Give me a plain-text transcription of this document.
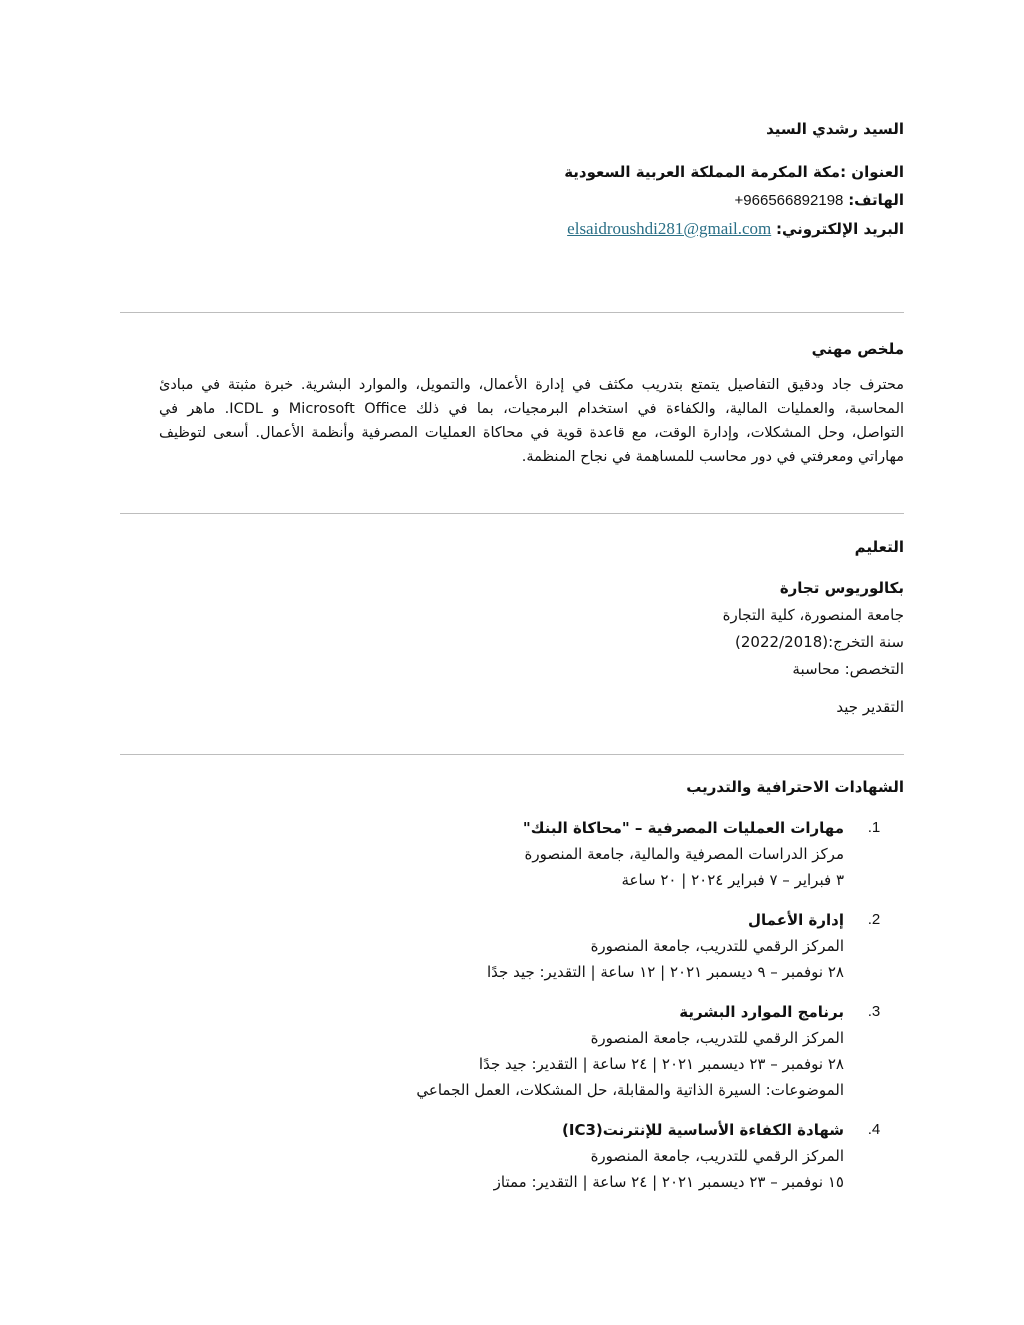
السيد رشدي السيد
العنوان :مكة المكرمة المملكة العربية السعودية
الهاتف: +966566892198
البريد الإلكتروني: elsaidroushdi281@gmail.com
ملخص مهني
محترف جاد ودقيق التفاصيل يتمتع بتدريب مكثف في إدارة الأعمال، والتمويل، والموارد البشرية. خبرة مثبتة في مبادئ
المحاسبة، والعمليات المالية، والكفاءة في استخدام البرمجيات، بما في ذلك Microsoft Office و ICDL. ماهر في
التواصل، وحل المشكلات، وإدارة الوقت، مع قاعدة قوية في محاكاة العمليات المصرفية وأنظمة الأعمال. أسعى لتوظيف
مهاراتي ومعرفتي في دور محاسب للمساهمة في نجاح المنظمة.
التعليم
بكالوريوس تجارة
جامعة المنصورة، كلية التجارة
سنة التخرج:(2022/2018)
التخصص: محاسبة
التقدير جيد
الشهادات الاحترافية والتدريب
1.
مهارات العمليات المصرفية – "محاكاة البنك"
مركز الدراسات المصرفية والمالية، جامعة المنصورة
٣ فبراير – ٧ فبراير ٢٠٢٤ | ٢٠ ساعة
2.
إدارة الأعمال
المركز الرقمي للتدريب، جامعة المنصورة
٢٨ نوفمبر – ٩ ديسمبر ٢٠٢١ | ١٢ ساعة | التقدير: جيد جدًا
3.
برنامج الموارد البشرية
المركز الرقمي للتدريب، جامعة المنصورة
٢٨ نوفمبر – ٢٣ ديسمبر ٢٠٢١ | ٢٤ ساعة | التقدير: جيد جدًا
الموضوعات: السيرة الذاتية والمقابلة، حل المشكلات، العمل الجماعي
4.
شهادة الكفاءة الأساسية للإنترنت(IC3)
المركز الرقمي للتدريب، جامعة المنصورة
١٥ نوفمبر – ٢٣ ديسمبر ٢٠٢١ | ٢٤ ساعة | التقدير: ممتاز
